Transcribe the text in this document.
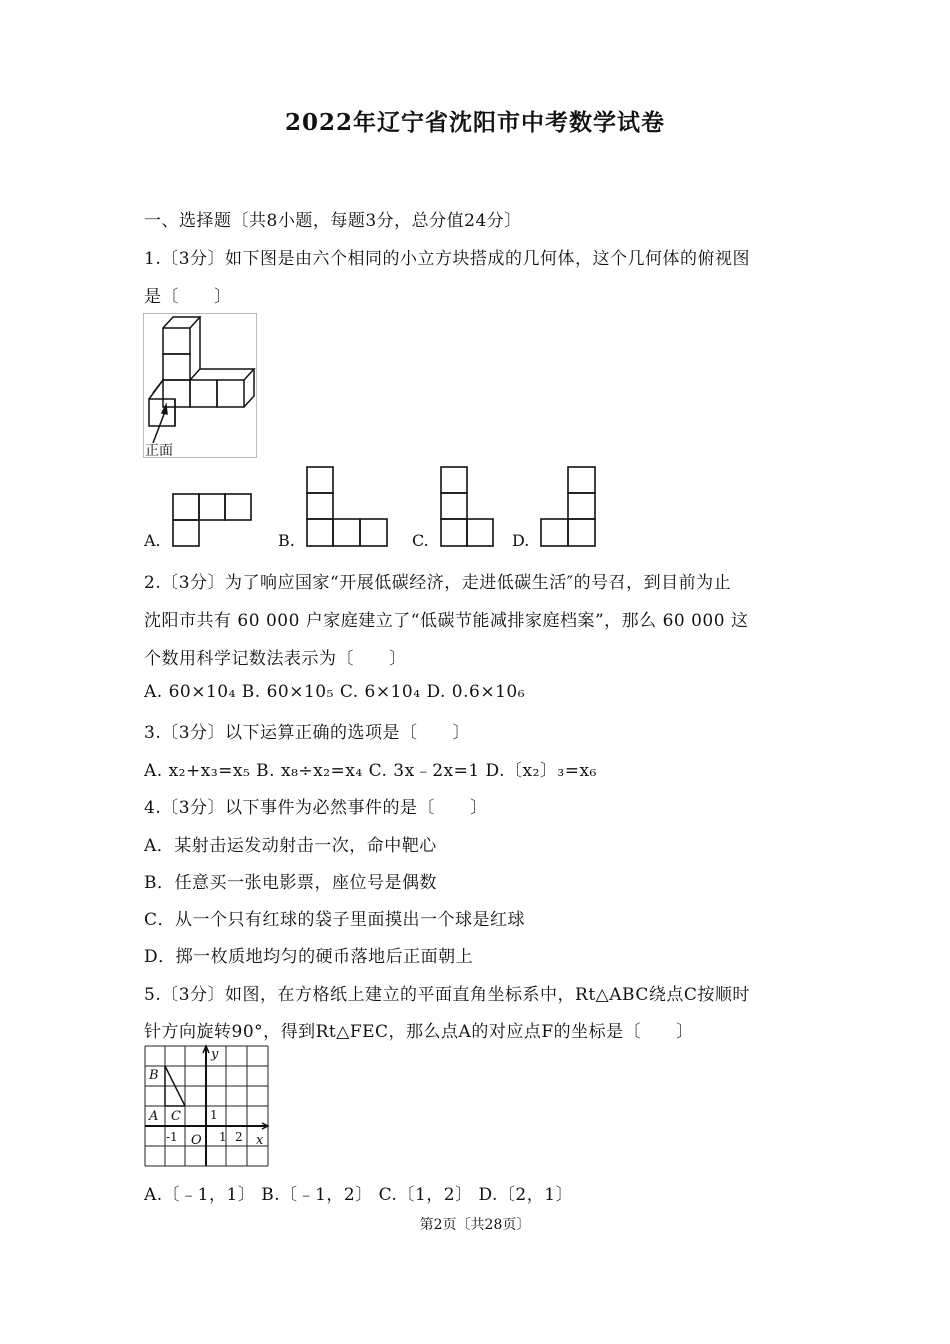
2022年辽宁省沈阳市中考数学试卷
一、选择题〔共8小题，每题3分，总分值24分〕
1.〔3分〕如下图是由六个相同的小立方块搭成的几何体，这个几何体的俯视图
是〔　　〕
正面
A.	B.	C.	D.
2.〔3分〕为了响应国家“开展低碳经济，走进低碳生活″的号召，到目前为止
沈阳市共有 60 000 户家庭建立了“低碳节能减排家庭档案”，那么 60 000 这
个数用科学记数法表示为〔　　〕
A. 60×10₄ B. 60×10₅ C. 6×10₄ D. 0.6×10₆
3.〔3分〕以下运算正确的选项是〔　　〕
A. x₂+x₃=x₅ B. x₈÷x₂=x₄ C. 3x﹣2x=1 D.〔x₂〕₃=x₆
4.〔3分〕以下事件为必然事件的是〔　　〕
A．某射击运发动射击一次，命中靶心
B．任意买一张电影票，座位号是偶数
C．从一个只有红球的袋子里面摸出一个球是红球
D．掷一枚质地均匀的硬币落地后正面朝上
5.〔3分〕如图，在方格纸上建立的平面直角坐标系中，Rt△ABC绕点C按顺时
针方向旋转90°，得到Rt△FEC，那么点A的对应点F的坐标是〔　　〕
B
A C
y
x
O
1
-1	1 2
A.〔﹣1，1〕 B.〔﹣1，2〕 C.〔1，2〕 D.〔2，1〕
第2页〔共28页〕
